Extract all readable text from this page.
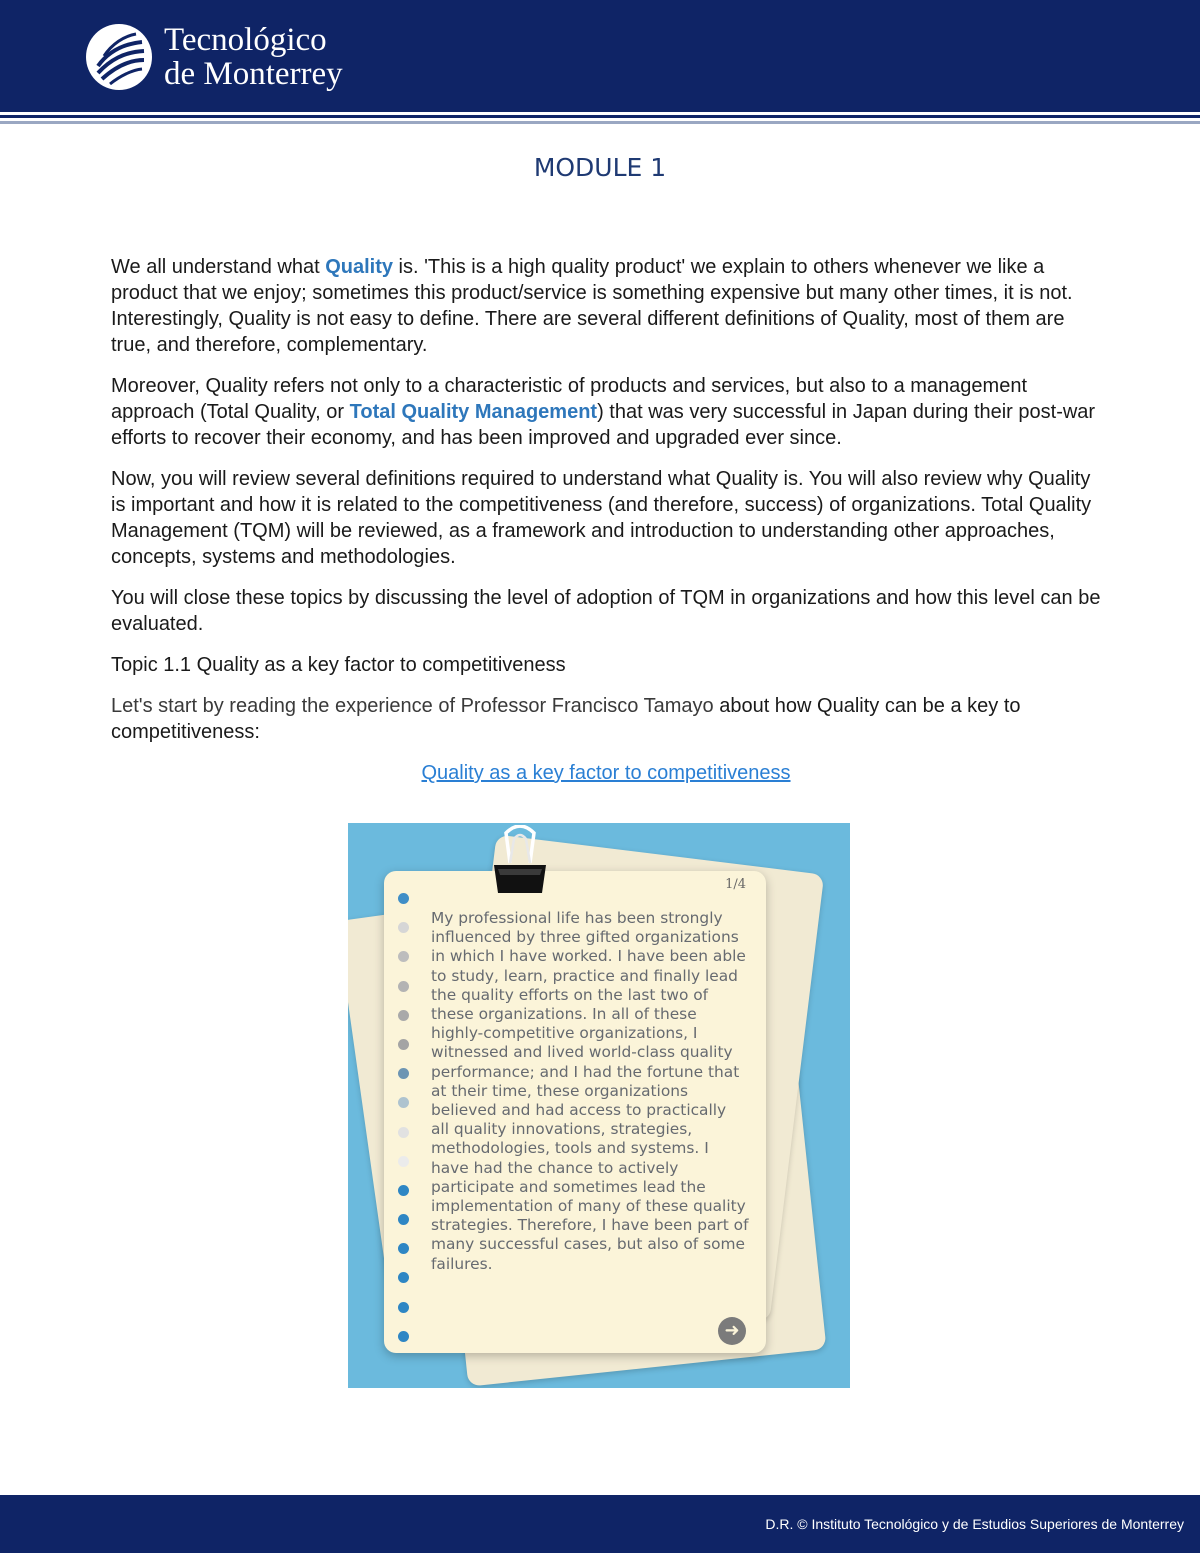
Tecnológico
de Monterrey
MODULE 1

We all understand what Quality is. 'This is a high quality product' we explain to others whenever we like a product that we enjoy; sometimes this product/service is something expensive but many other times, it is not. Interestingly, Quality is not easy to define. There are several different definitions of Quality, most of them are true, and therefore, complementary.

Moreover, Quality refers not only to a characteristic of products and services, but also to a management approach (Total Quality, or Total Quality Management) that was very successful in Japan during their post-war efforts to recover their economy, and has been improved and upgraded ever since.

Now, you will review several definitions required to understand what Quality is. You will also review why Quality is important and how it is related to the competitiveness (and therefore, success) of organizations. Total Quality Management (TQM) will be reviewed, as a framework and introduction to understanding other approaches, concepts, systems and methodologies.

You will close these topics by discussing the level of adoption of TQM in organizations and how this level can be evaluated.

Topic 1.1 Quality as a key factor to competitiveness

Let's start by reading the experience of Professor Francisco Tamayo about how Quality can be a key to competitiveness:

Quality as a key factor to competitiveness

1/4

My professional life has been strongly influenced by three gifted organizations in which I have worked. I have been able to study, learn, practice and finally lead the quality efforts on the last two of these organizations. In all of these highly-competitive organizations, I witnessed and lived world-class quality performance; and I had the fortune that at their time, these organizations believed and had access to practically all quality innovations, strategies, methodologies, tools and systems. I have had the chance to actively participate and sometimes lead the implementation of many of these quality strategies. Therefore, I have been part of many successful cases, but also of some failures.

➜
D.R. © Instituto Tecnológico y de Estudios Superiores de Monterrey
